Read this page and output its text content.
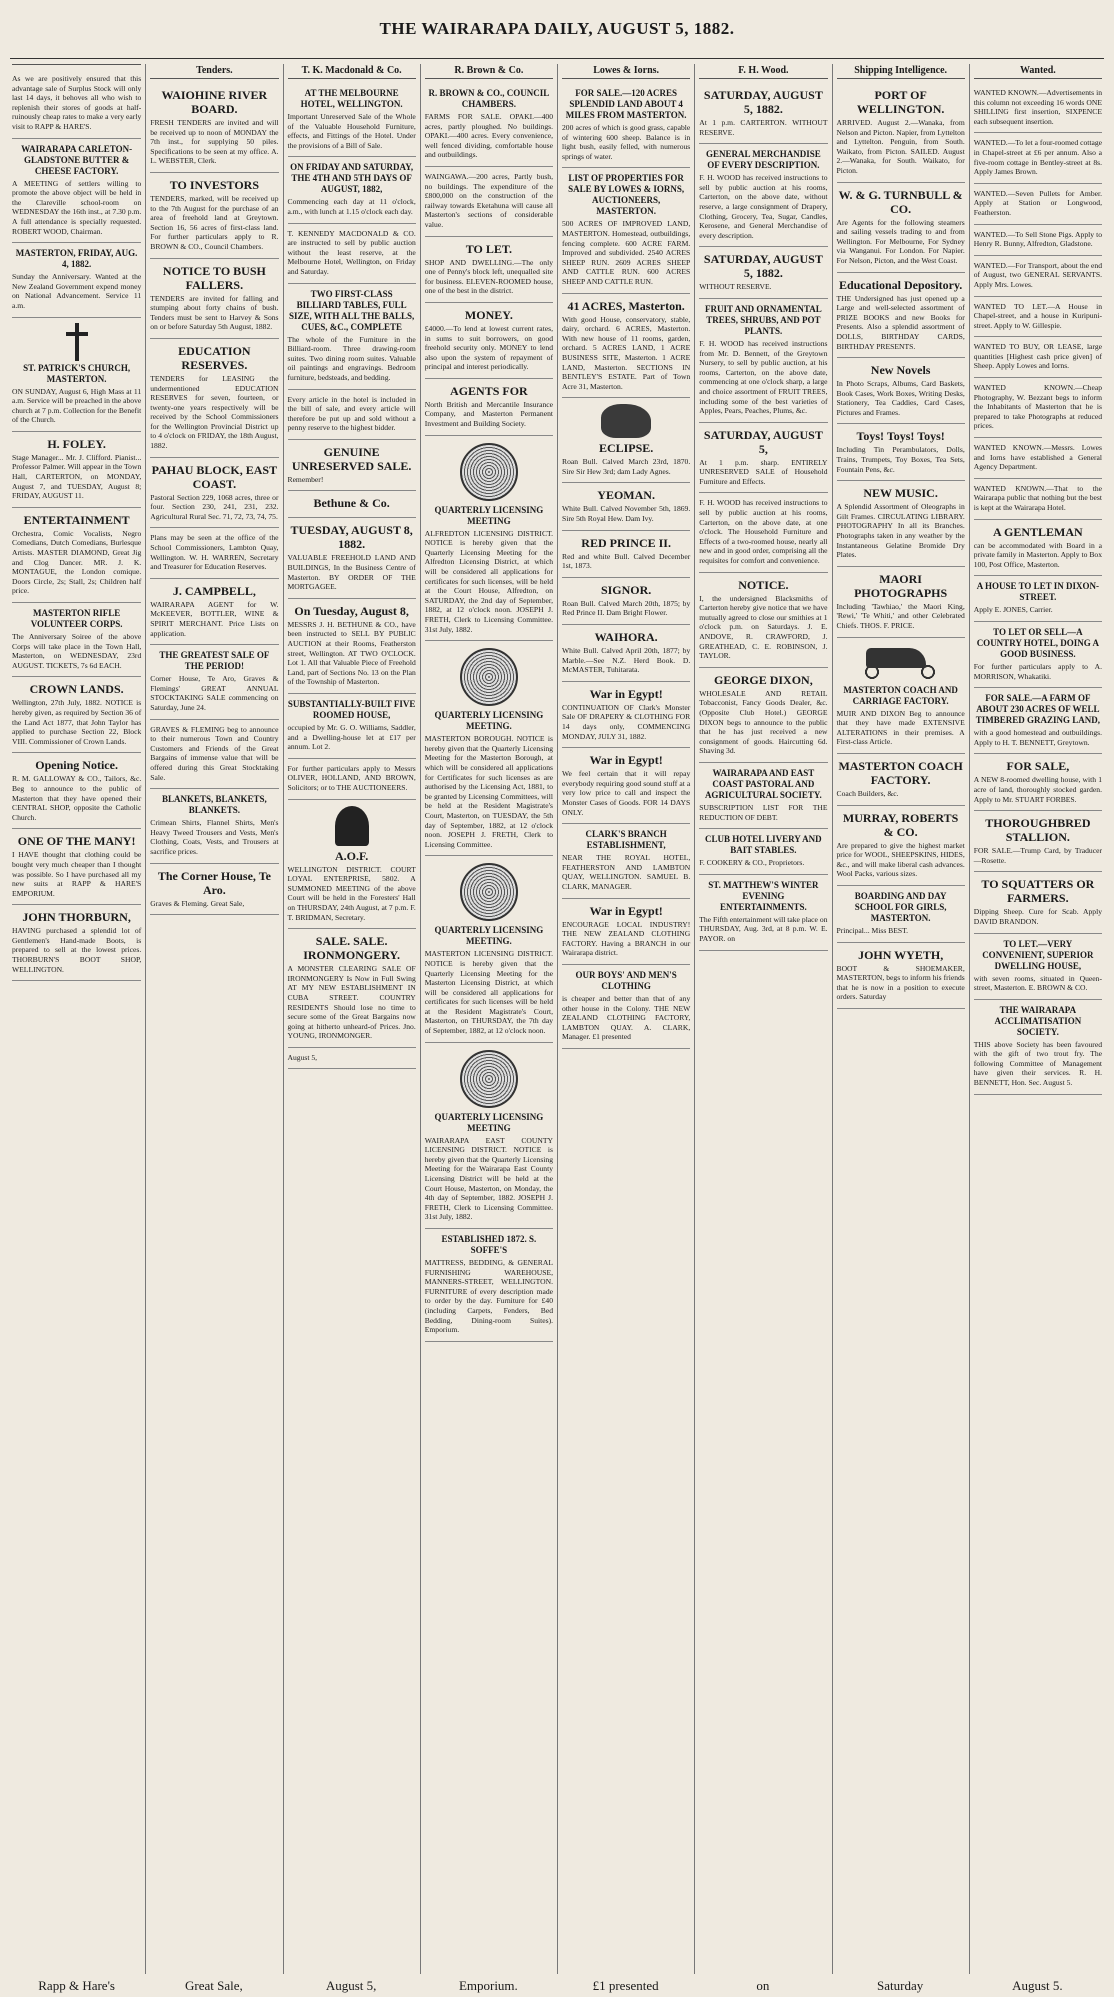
THE WAIRARAPA DAILY, AUGUST 5, 1882.

As we are positively ensured that this advantage sale of Surplus Stock will only last 14 days, it behoves all who wish to replenish their stores of goods at half-ruinously cheap rates to make a very early visit to RAPP & HARE'S.

WAIRARAPA CARLETON-GLADSTONE BUTTER & CHEESE FACTORY.

A MEETING of settlers willing to promote the above object will be held in the Clareville school-room on WEDNESDAY the 16th inst., at 7.30 p.m. A full attendance is specially requested. ROBERT WOOD, Chairman.

MASTERTON, FRIDAY, AUG. 4, 1882.

Sunday the Anniversary. Wanted at the New Zealand Government expend money on National Advancement. Service 11 a.m.

ST. PATRICK'S CHURCH, MASTERTON.

ON SUNDAY, August 6, High Mass at 11 a.m. Service will be preached in the above church at 7 p.m. Collection for the Benefit of the Church.

H. FOLEY.

Stage Manager... Mr. J. Clifford. Pianist... Professor Palmer. Will appear in the Town Hall, CARTERTON, on MONDAY, August 7, and TUESDAY, August 8; FRIDAY, AUGUST 11.

ENTERTAINMENT

Orchestra, Comic Vocalists, Negro Comedians, Dutch Comedians, Burlesque Artists. MASTER DIAMOND, Great Jig and Clog Dancer. MR. J. K. MONTAGUE, the London comique. Doors Circle, 2s; Stall, 2s; Children half price.

MASTERTON RIFLE VOLUNTEER CORPS.

The Anniversary Soiree of the above Corps will take place in the Town Hall, Masterton, on WEDNESDAY, 23rd AUGUST. TICKETS, 7s 6d EACH.

CROWN LANDS.

Wellington, 27th July, 1882. NOTICE is hereby given, as required by Section 36 of the Land Act 1877, that John Taylor has applied to purchase Section 22, Block VIII. Commissioner of Crown Lands.

Opening Notice.

R. M. GALLOWAY & CO., Tailors, &c. Beg to announce to the public of Masterton that they have opened their CENTRAL SHOP, opposite the Catholic Church.

ONE OF THE MANY!

I HAVE thought that clothing could be bought very much cheaper than I thought was possible. So I have purchased all my new suits at RAPP & HARE'S EMPORIUM.

JOHN THORBURN,

HAVING purchased a splendid lot of Gentlemen's Hand-made Boots, is prepared to sell at the lowest prices. THORBURN'S BOOT SHOP, WELLINGTON.

Tenders.
WAIOHINE RIVER BOARD.

FRESH TENDERS are invited and will be received up to noon of MONDAY the 7th inst., for supplying 50 piles. Specifications to be seen at my office. A. L. WEBSTER, Clerk.

TO INVESTORS

TENDERS, marked, will be received up to the 7th August for the purchase of an area of freehold land at Greytown. Section 16, 56 acres of first-class land. For further particulars apply to R. BROWN & CO., Council Chambers.

NOTICE TO BUSH FALLERS.

TENDERS are invited for falling and stumping about forty chains of bush. Tenders must be sent to Harvey & Sons on or before Saturday 5th August, 1882.

EDUCATION RESERVES.

TENDERS for LEASING the undermentioned EDUCATION RESERVES for seven, fourteen, or twenty-one years respectively will be received by the School Commissioners for the Wellington Provincial District up to 4 o'clock on FRIDAY, the 18th August, 1882.

PAHAU BLOCK, EAST COAST.

Pastoral Section 229, 1068 acres, three or four. Section 230, 241, 231, 232. Agricultural Rural Sec. 71, 72, 73, 74, 75.

Plans may be seen at the office of the School Commissioners, Lambton Quay, Wellington. W. H. WARREN, Secretary and Treasurer for Education Reserves.

J. CAMPBELL,

WAIRARAPA AGENT for W. McKEEVER, BOTTLER, WINE & SPIRIT MERCHANT. Price Lists on application.

THE GREATEST SALE OF THE PERIOD!

Corner House, Te Aro, Graves & Flemings' GREAT ANNUAL STOCKTAKING SALE commencing on Saturday, June 24.

GRAVES & FLEMING beg to announce to their numerous Town and Country Customers and Friends of the Great Bargains of immense value that will be offered during this Great Stocktaking Sale.

BLANKETS, BLANKETS, BLANKETS.

Crimean Shirts, Flannel Shirts, Men's Heavy Tweed Trousers and Vests, Men's Clothing, Coats, Vests, and Trousers at sacrifice prices.

The Corner House, Te Aro.

Graves & Fleming. Great Sale,

T. K. Macdonald & Co.
AT THE MELBOURNE HOTEL, WELLINGTON.

Important Unreserved Sale of the Whole of the Valuable Household Furniture, effects, and Fittings of the Hotel. Under the provisions of a Bill of Sale.

ON FRIDAY AND SATURDAY, THE 4TH AND 5TH DAYS OF AUGUST, 1882,

Commencing each day at 11 o'clock, a.m., with lunch at 1.15 o'clock each day.

T. KENNEDY MACDONALD & CO. are instructed to sell by public auction without the least reserve, at the Melbourne Hotel, Wellington, on Friday and Saturday.

TWO FIRST-CLASS BILLIARD TABLES, FULL SIZE, WITH ALL THE BALLS, CUES, &C., COMPLETE

The whole of the Furniture in the Billiard-room. Three drawing-room suites. Two dining room suites. Valuable oil paintings and engravings. Bedroom furniture, bedsteads, and bedding.

Every article in the hotel is included in the bill of sale, and every article will therefore be put up and sold without a penny reserve to the highest bidder.

GENUINE UNRESERVED SALE.

Remember!

Bethune & Co.

TUESDAY, AUGUST 8, 1882.

VALUABLE FREEHOLD LAND AND BUILDINGS, In the Business Centre of Masterton. BY ORDER OF THE MORTGAGEE.

On Tuesday, August 8,

MESSRS J. H. BETHUNE & CO., have been instructed to SELL BY PUBLIC AUCTION at their Rooms, Featherston street, Wellington. AT TWO O'CLOCK. Lot 1. All that Valuable Piece of Freehold Land, part of Sections No. 13 on the Plan of the Township of Masterton.

SUBSTANTIALLY-BUILT FIVE ROOMED HOUSE,

occupied by Mr. G. O. Williams, Saddler, and a Dwelling-house let at £17 per annum. Lot 2.

For further particulars apply to Messrs OLIVER, HOLLAND, AND BROWN, Solicitors; or to THE AUCTIONEERS.

A.O.F.

WELLINGTON DISTRICT. COURT LOYAL ENTERPRISE, 5802. A SUMMONED MEETING of the above Court will be held in the Foresters' Hall on THURSDAY, 24th August, at 7 p.m. F. T. BRIDMAN, Secretary.

SALE. SALE. IRONMONGERY.

A MONSTER CLEARING SALE OF IRONMONGERY Is Now in Full Swing AT MY NEW ESTABLISHMENT IN CUBA STREET. COUNTRY RESIDENTS Should lose no time to secure some of the Great Bargains now going at hitherto unheard-of Prices. Jno. YOUNG, IRONMONGER.

August 5,

R. Brown & Co.
R. BROWN & CO., COUNCIL CHAMBERS.

FARMS FOR SALE. OPAKI.—400 acres, partly ploughed. No buildings. OPAKI.—400 acres. Every convenience, well fenced dividing, comfortable house and outbuildings.

WAINGAWA.—200 acres, Partly bush, no buildings. The expenditure of the £800,000 on the construction of the railway towards Eketahuna will cause all Masterton's sections of considerable value.

TO LET.

SHOP AND DWELLING.—The only one of Penny's block left, unequalled site for business. ELEVEN-ROOMED house, one of the best in the district.

MONEY.

£4000.—To lend at lowest current rates, in sums to suit borrowers, on good freehold security only. MONEY to lend also upon the system of repayment of principal and interest periodically.

AGENTS FOR

North British and Mercantile Insurance Company, and Masterton Permanent Investment and Building Society.

QUARTERLY LICENSING MEETING

ALFREDTON LICENSING DISTRICT. NOTICE is hereby given that the Quarterly Licensing Meeting for the Alfredton Licensing District, at which will be considered all applications for certificates for such licenses, will be held at the Court House, Alfredton, on SATURDAY, the 2nd day of September, 1882, at 12 o'clock noon. JOSEPH J. FRETH, Clerk to Licensing Committee. 31st July, 1882.

QUARTERLY LICENSING MEETING.

MASTERTON BOROUGH. NOTICE is hereby given that the Quarterly Licensing Meeting for the Masterton Borough, at which will be considered all applications for Certificates for such licenses as are authorised by the Licensing Act, 1881, to be granted by Licensing Committees, will be held at the Resident Magistrate's Court, Masterton, on TUESDAY, the 5th day of September, 1882, at 12 o'clock noon. JOSEPH J. FRETH, Clerk to Licensing Committee.

QUARTERLY LICENSING MEETING.

MASTERTON LICENSING DISTRICT. NOTICE is hereby given that the Quarterly Licensing Meeting for the Masterton Licensing District, at which will be considered all applications for certificates for such licenses will be held at the Resident Magistrate's Court, Masterton, on THURSDAY, the 7th day of September, 1882, at 12 o'clock noon.

QUARTERLY LICENSING MEETING

WAIRARAPA EAST COUNTY LICENSING DISTRICT. NOTICE is hereby given that the Quarterly Licensing Meeting for the Wairarapa East County Licensing District will be held at the Court House, Masterton, on Monday, the 4th day of September, 1882. JOSEPH J. FRETH, Clerk to Licensing Committee. 31st July, 1882.

ESTABLISHED 1872. S. SOFFE'S

MATTRESS, BEDDING, & GENERAL FURNISHING WAREHOUSE, MANNERS-STREET, WELLINGTON. FURNITURE of every description made to order by the day. Furniture for £40 (including Carpets, Fenders, Bed Bedding, Dining-room Suites). Emporium.

Lowes & Iorns.
FOR SALE.—120 ACRES SPLENDID LAND ABOUT 4 MILES FROM MASTERTON.

200 acres of which is good grass, capable of wintering 600 sheep. Balance is in light bush, easily felled, with numerous springs of water.

LIST OF PROPERTIES FOR SALE BY LOWES & IORNS, AUCTIONEERS, MASTERTON.

500 ACRES OF IMPROVED LAND, MASTERTON. Homestead, outbuildings, fencing complete. 600 ACRE FARM. Improved and subdivided. 2540 ACRES SHEEP RUN. 2609 ACRES SHEEP AND CATTLE RUN. 600 ACRES SHEEP AND CATTLE RUN.

41 ACRES, Masterton.

With good House, conservatory, stable, dairy, orchard. 6 ACRES, Masterton. With new house of 11 rooms, garden, orchard. 5 ACRES LAND, 1 ACRE BUSINESS SITE, Masterton. 1 ACRE LAND, Masterton. SECTIONS IN BENTLEY'S ESTATE. Part of Town Acre 31, Masterton.

ECLIPSE.

Roan Bull. Calved March 23rd, 1870. Sire Sir Hew 3rd; dam Lady Agnes.

YEOMAN.

White Bull. Calved November 5th, 1869. Sire 5th Royal Hew. Dam Ivy.

RED PRINCE II.

Red and white Bull. Calved December 1st, 1873.

SIGNOR.

Roan Bull. Calved March 20th, 1875; by Red Prince II. Dam Bright Flower.

WAIHORA.

White Bull. Calved April 20th, 1877; by Marble.—See N.Z. Herd Book. D. McMASTER, Tuhitarata.

War in Egypt!

CONTINUATION OF Clark's Monster Sale OF DRAPERY & CLOTHING FOR 14 days only, COMMENCING MONDAY, JULY 31, 1882.

War in Egypt!

We feel certain that it will repay everybody requiring good sound stuff at a very low price to call and inspect the Monster Cases of Goods. FOR 14 DAYS ONLY.

CLARK'S BRANCH ESTABLISHMENT,

NEAR THE ROYAL HOTEL, FEATHERSTON AND LAMBTON QUAY, WELLINGTON. SAMUEL B. CLARK, MANAGER.

War in Egypt!

ENCOURAGE LOCAL INDUSTRY! THE NEW ZEALAND CLOTHING FACTORY. Having a BRANCH in our Wairarapa district.

OUR BOYS' AND MEN'S CLOTHING

is cheaper and better than that of any other house in the Colony. THE NEW ZEALAND CLOTHING FACTORY, LAMBTON QUAY. A. CLARK, Manager. £1 presented

F. H. Wood.
SATURDAY, AUGUST 5, 1882.

At 1 p.m. CARTERTON. WITHOUT RESERVE.

GENERAL MERCHANDISE OF EVERY DESCRIPTION.

F. H. WOOD has received instructions to sell by public auction at his rooms, Carterton, on the above date, without reserve, a large consignment of Drapery, Clothing, Grocery, Tea, Sugar, Candles, Kerosene, and General Merchandise of every description.

SATURDAY, AUGUST 5, 1882.

WITHOUT RESERVE.

FRUIT AND ORNAMENTAL TREES, SHRUBS, AND POT PLANTS.

F. H. WOOD has received instructions from Mr. D. Bennett, of the Greytown Nursery, to sell by public auction, at his rooms, Carterton, on the above date, commencing at one o'clock sharp, a large and choice assortment of FRUIT TREES, including some of the best varieties of Apples, Pears, Peaches, Plums, &c.

SATURDAY, AUGUST 5,

At 1 p.m. sharp. ENTIRELY UNRESERVED SALE of Household Furniture and Effects.

F. H. WOOD has received instructions to sell by public auction at his rooms, Carterton, on the above date, at one o'clock. The Household Furniture and Effects of a two-roomed house, nearly all new and in good order, comprising all the requisites for comfort and convenience.

NOTICE.

I, the undersigned Blacksmiths of Carterton hereby give notice that we have mutually agreed to close our smithies at 1 o'clock p.m. on Saturdays. J. E. ANDOVE, R. CRAWFORD, J. GREATHEAD, C. E. ROBINSON, J. TAYLOR.

GEORGE DIXON,

WHOLESALE AND RETAIL Tobacconist, Fancy Goods Dealer, &c. (Opposite Club Hotel.) GEORGE DIXON begs to announce to the public that he has just received a new consignment of goods. Haircutting 6d. Shaving 3d.

WAIRARAPA AND EAST COAST PASTORAL AND AGRICULTURAL SOCIETY.

SUBSCRIPTION LIST FOR THE REDUCTION OF DEBT.

CLUB HOTEL LIVERY AND BAIT STABLES.

F. COOKERY & CO., Proprietors.

ST. MATTHEW'S WINTER EVENING ENTERTAINMENTS.

The Fifth entertainment will take place on THURSDAY, Aug. 3rd, at 8 p.m. W. E. PAYOR. on

Shipping Intelligence.
PORT OF WELLINGTON.

ARRIVED. August 2.—Wanaka, from Nelson and Picton. Napier, from Lyttelton and Lyttelton. Penguin, from South. Waikato, from Picton. SAILED. August 2.—Wanaka, for South. Waikato, for Picton.

W. & G. TURNBULL & CO.

Are Agents for the following steamers and sailing vessels trading to and from Wellington. For Melbourne, For Sydney via Wanganui. For London. For Napier. For Nelson, Picton, and the West Coast.

Educational Depository.

THE Undersigned has just opened up a Large and well-selected assortment of PRIZE BOOKS and new Books for Presents. Also a splendid assortment of DOLLS, BIRTHDAY CARDS, BIRTHDAY PRESENTS.

New Novels

In Photo Scraps, Albums, Card Baskets, Book Cases, Work Boxes, Writing Desks, Stationery, Tea Caddies, Card Cases, Pictures and Frames.

Toys! Toys! Toys!

Including Tin Perambulators, Dolls, Trains, Trumpets, Toy Boxes, Tea Sets, Fountain Pens, &c.

NEW MUSIC.

A Splendid Assortment of Oleographs in Gilt Frames. CIRCULATING LIBRARY. PHOTOGRAPHY In all its Branches. Photographs taken in any weather by the Instantaneous Gelatine Bromide Dry Plates.

MAORI PHOTOGRAPHS

Including 'Tawhiao,' the Maori King, 'Rewi,' 'Te Whiti,' and other Celebrated Chiefs. THOS. F. PRICE.

MASTERTON COACH AND CARRIAGE FACTORY.

MUIR AND DIXON Beg to announce that they have made EXTENSIVE ALTERATIONS in their premises. A First-class Article.

MASTERTON COACH FACTORY.

Coach Builders, &c.

MURRAY, ROBERTS & CO.

Are prepared to give the highest market price for WOOL, SHEEPSKINS, HIDES, &c., and will make liberal cash advances. Wool Packs, various sizes.

BOARDING AND DAY SCHOOL FOR GIRLS, MASTERTON.

Principal... Miss BEST.

JOHN WYETH,

BOOT & SHOEMAKER, MASTERTON, begs to inform his friends that he is now in a position to execute orders. Saturday

Wanted.

WANTED KNOWN.—Advertisements in this column not exceeding 16 words ONE SHILLING first insertion, SIXPENCE each subsequent insertion.

WANTED.—To let a four-roomed cottage in Chapel-street at £6 per annum. Also a five-room cottage in Bentley-street at 8s. Apply James Brown.

WANTED.—Seven Pullets for Amber. Apply at Station or Longwood, Featherston.

WANTED.—To Sell Stone Pigs. Apply to Henry R. Bunny, Alfredton, Gladstone.

WANTED.—For Transport, about the end of August, two GENERAL SERVANTS. Apply Mrs. Lowes.

WANTED TO LET.—A House in Chapel-street, and a house in Kuripuni-street. Apply to W. Gillespie.

WANTED TO BUY, OR LEASE, large quantities [Highest cash price given] of Sheep. Apply Lowes and Iorns.

WANTED KNOWN.—Cheap Photography, W. Bezzant begs to inform the Inhabitants of Masterton that he is prepared to take Photographs at reduced prices.

WANTED KNOWN.—Messrs. Lowes and Iorns have established a General Agency Department.

WANTED KNOWN.—That to the Wairarapa public that nothing but the best is kept at the Wairarapa Hotel.

A GENTLEMAN

can be accommodated with Board in a private family in Masterton. Apply to Box 100, Post Office, Masterton.

A HOUSE TO LET IN DIXON-STREET.

Apply E. JONES, Carrier.

TO LET OR SELL—A COUNTRY HOTEL, DOING A GOOD BUSINESS.

For further particulars apply to A. MORRISON, Whakatiki.

FOR SALE.—A FARM OF ABOUT 230 ACRES OF WELL TIMBERED GRAZING LAND,

with a good homestead and outbuildings. Apply to H. T. BENNETT, Greytown.

FOR SALE,

A NEW 8-roomed dwelling house, with 1 acre of land, thoroughly stocked garden. Apply to Mr. STUART FORBES.

THOROUGHBRED STALLION.

FOR SALE.—Trump Card, by Traducer—Rosette.

TO SQUATTERS OR FARMERS.

Dipping Sheep. Cure for Scab. Apply DAVID BRANDON.

TO LET.—VERY CONVENIENT, SUPERIOR DWELLING HOUSE,

with seven rooms, situated in Queen-street, Masterton. E. BROWN & CO.

THE WAIRARAPA ACCLIMATISATION SOCIETY.

THIS above Society has been favoured with the gift of two trout fry. The following Committee of Management have given their services. R. H. BENNETT, Hon. Sec. August 5.

Rapp & Hare's	Great Sale,	August 5,	Emporium.	£1 presented	on	Saturday	August 5.
